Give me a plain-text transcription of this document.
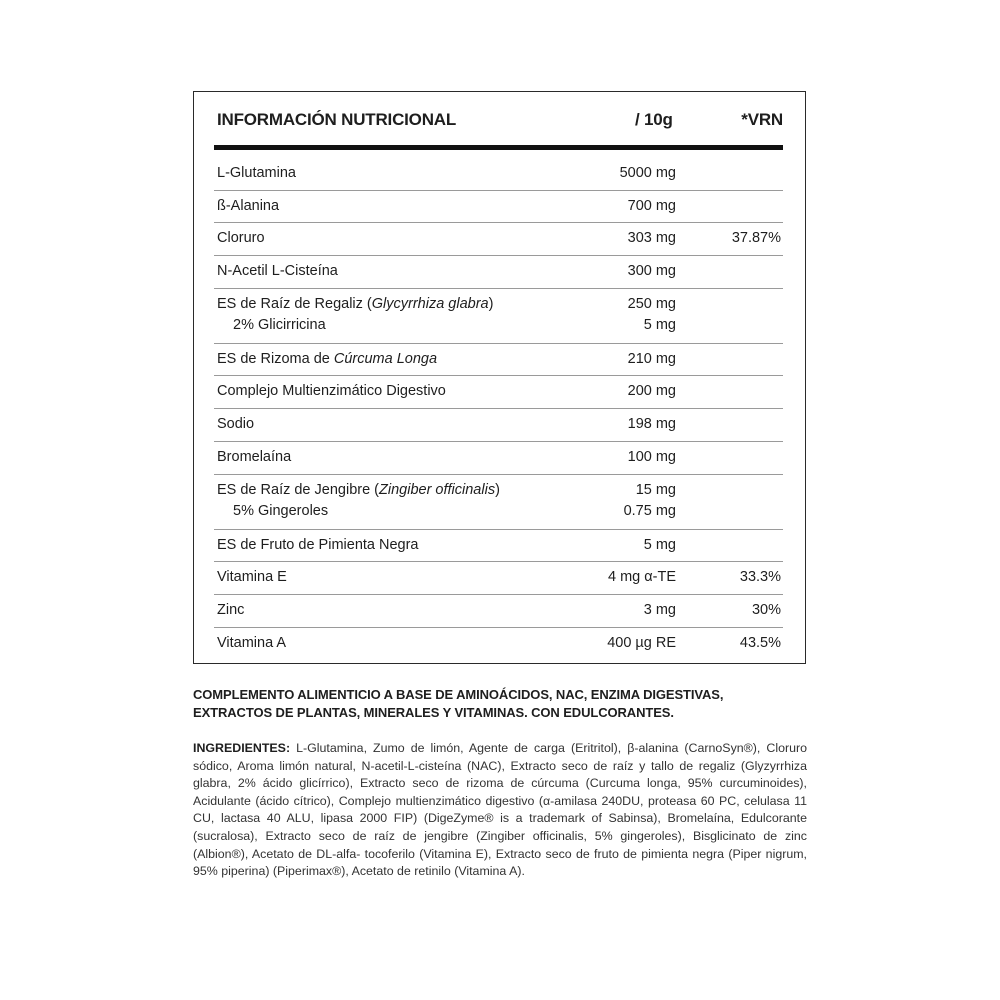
INFORMACIÓN NUTRICIONAL	/ 10g	*VRN
L-Glutamina	5000 mg
ß-Alanina	700 mg
Cloruro	303 mg	37.87%
N-Acetil L-Cisteína	300 mg
ES de Raíz de Regaliz (Glycyrrhiza glabra)	250 mg
2% Glicirricina	5 mg
ES de Rizoma de Cúrcuma Longa	210 mg
Complejo Multienzimático Digestivo	200 mg
Sodio	198 mg
Bromelaína	100 mg
ES de Raíz de Jengibre (Zingiber officinalis)	15 mg
5% Gingeroles	0.75 mg
ES de Fruto de Pimienta Negra	5 mg
Vitamina E	4 mg α-TE	33.3%
Zinc	3 mg	30%
Vitamina A	400 µg RE	43.5%
COMPLEMENTO ALIMENTICIO A BASE DE AMINOÁCIDOS, NAC, ENZIMA DIGESTIVAS,
EXTRACTOS DE PLANTAS, MINERALES Y VITAMINAS. CON EDULCORANTES.
INGREDIENTES: L-Glutamina, Zumo de limón, Agente de carga (Eritritol), β-alanina (CarnoSyn®), Cloruro sódico, Aroma limón natural, N-acetil-L-cisteína (NAC), Extracto seco de raíz y tallo de regaliz (Glyzyrrhiza glabra, 2% ácido glicírrico), Extracto seco de rizoma de cúrcuma (Curcuma longa, 95% curcuminoides), Acidulante (ácido cítrico), Complejo multienzimático digestivo (α-amilasa 240DU, proteasa 60 PC, celulasa 11 CU, lactasa 40 ALU, lipasa 2000 FIP) (DigeZyme® is a trademark of Sabinsa), Bromelaína, Edulcorante (sucralosa), Extracto seco de raíz de jengibre (Zingiber officinalis, 5% gingeroles), Bisglicinato de zinc (Albion®), Acetato de DL-alfa- tocoferilo (Vitamina E), Extracto seco de fruto de pimienta negra (Piper nigrum, 95% piperina) (Piperimax®), Acetato de retinilo (Vitamina A).
